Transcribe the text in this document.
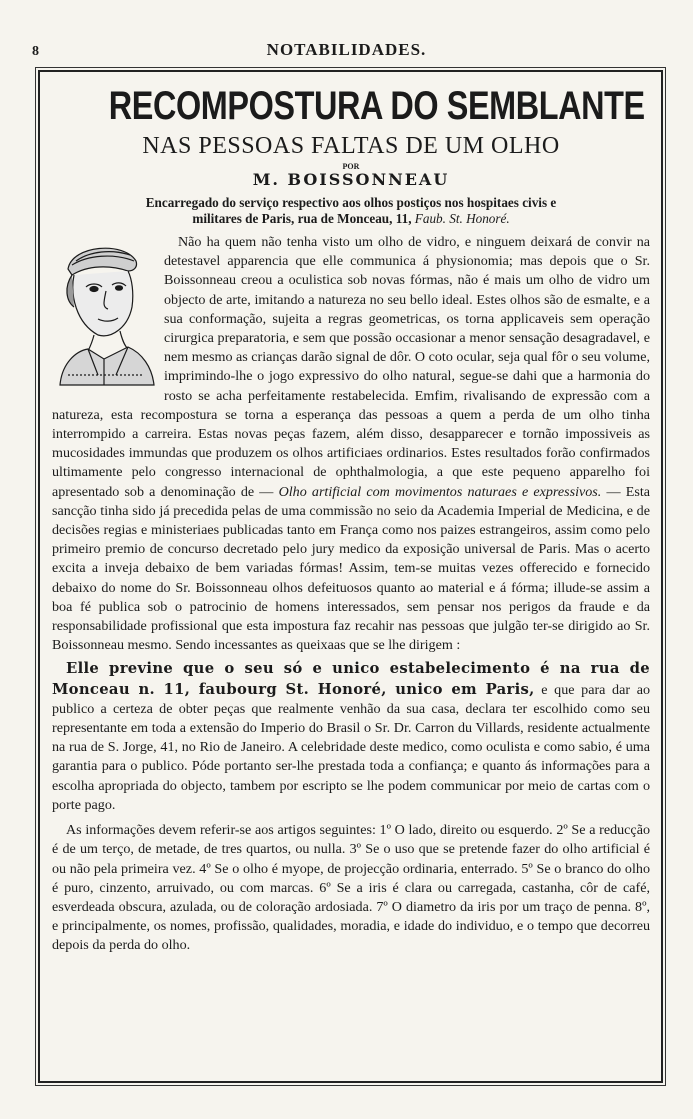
8	NOTABILIDADES.
RECOMPOSTURA DO SEMBLANTE
NAS PESSOAS FALTAS DE UM OLHO
POR
M. BOISSONNEAU
Encarregado do serviço respectivo aos olhos postiços nos hospitaes civis e
militares de Paris, rua de Monceau, 11, Faub. St. Honoré.

Não ha quem não tenha visto um olho de vidro, e ninguem deixará de convir na detestavel apparencia que elle communica á physionomia; mas depois que o Sr. Boissonneau creou a oculistica sob novas fórmas, não é mais um olho de vidro um objecto de arte, imitando a natureza no seu bello ideal. Estes olhos são de esmalte, e a sua conformação, sujeita a regras geometricas, os torna applicaveis sem operação cirurgica preparatoria, e sem que possão occasionar a menor sensação desagradavel, e nem mesmo as crianças darão signal de dôr. O coto ocular, seja qual fôr o seu volume, imprimindo-lhe o jogo expressivo do olho natural, segue-se dahi que a harmonia do rosto se acha perfeitamente restabelecida. Emfim, rivalisando de expressão com a natureza, esta recompostura se torna a esperança das pessoas a quem a perda de um olho tinha interrompido a carreira. Estas novas peças fazem, além disso, desapparecer e tornão impossiveis as mucosidades immundas que produzem os olhos artificiaes ordinarios. Estes resultados forão confirmados ultimamente pelo congresso internacional de ophthalmologia, a que este pequeno apparelho foi apresentado sob a denominação de — Olho artificial com movimentos naturaes e expressivos. — Esta sancção tinha sido já precedida pelas de uma commissão no seio da Academia Imperial de Medicina, e de decisões regias e ministeriaes publicadas tanto em França como nos paizes estrangeiros, assim como pelo primeiro premio de concurso decretado pelo jury medico da exposição universal de Paris. Mas o acerto excita a inveja debaixo de bem variadas fórmas! Assim, tem-se muitas vezes offerecido e fornecido debaixo do nome do Sr. Boissonneau olhos defeituosos quanto ao material e á fórma; illude-se assim a boa fé publica sob o patrocinio de homens interessados, sem pensar nos perigos da fraude e da responsabilidade profissional que esta impostura faz recahir nas pessoas que julgão ter-se dirigido ao Sr. Boissonneau mesmo. Sendo incessantes as queixaas que se lhe dirigem :

Elle previne que o seu só e unico estabelecimento é na rua de Monceau n. 11, faubourg St. Honoré, unico em Paris, e que para dar ao publico a certeza de obter peças que realmente venhão da sua casa, declara ter escolhido como seu representante em toda a extensão do Imperio do Brasil o Sr. Dr. Carron du Villards, residente actualmente na rua de S. Jorge, 41, no Rio de Janeiro. A celebridade deste medico, como oculista e como sabio, é uma garantia para o publico. Póde portanto ser-lhe prestada toda a confiança; e quanto ás informações para a escolha apropriada do objecto, tambem por escripto se lhe podem communicar por meio de cartas com o porte pago.

As informações devem referir-se aos artigos seguintes: 1º O lado, direito ou esquerdo. 2º Se a reducção é de um terço, de metade, de tres quartos, ou nulla. 3º Se o uso que se pretende fazer do olho artificial é ou não pela primeira vez. 4º Se o olho é myope, de projecção ordinaria, enterrado. 5º Se o branco do olho é puro, cinzento, arruivado, ou com marcas. 6º Se a iris é clara ou carregada, castanha, côr de café, esverdeada obscura, azulada, ou de coloração ardosiada. 7º O diametro da iris por um traço de penna. 8º, e principalmente, os nomes, profissão, qualidades, moradia, e idade do individuo, e o tempo que decorreu depois da perda do olho.
